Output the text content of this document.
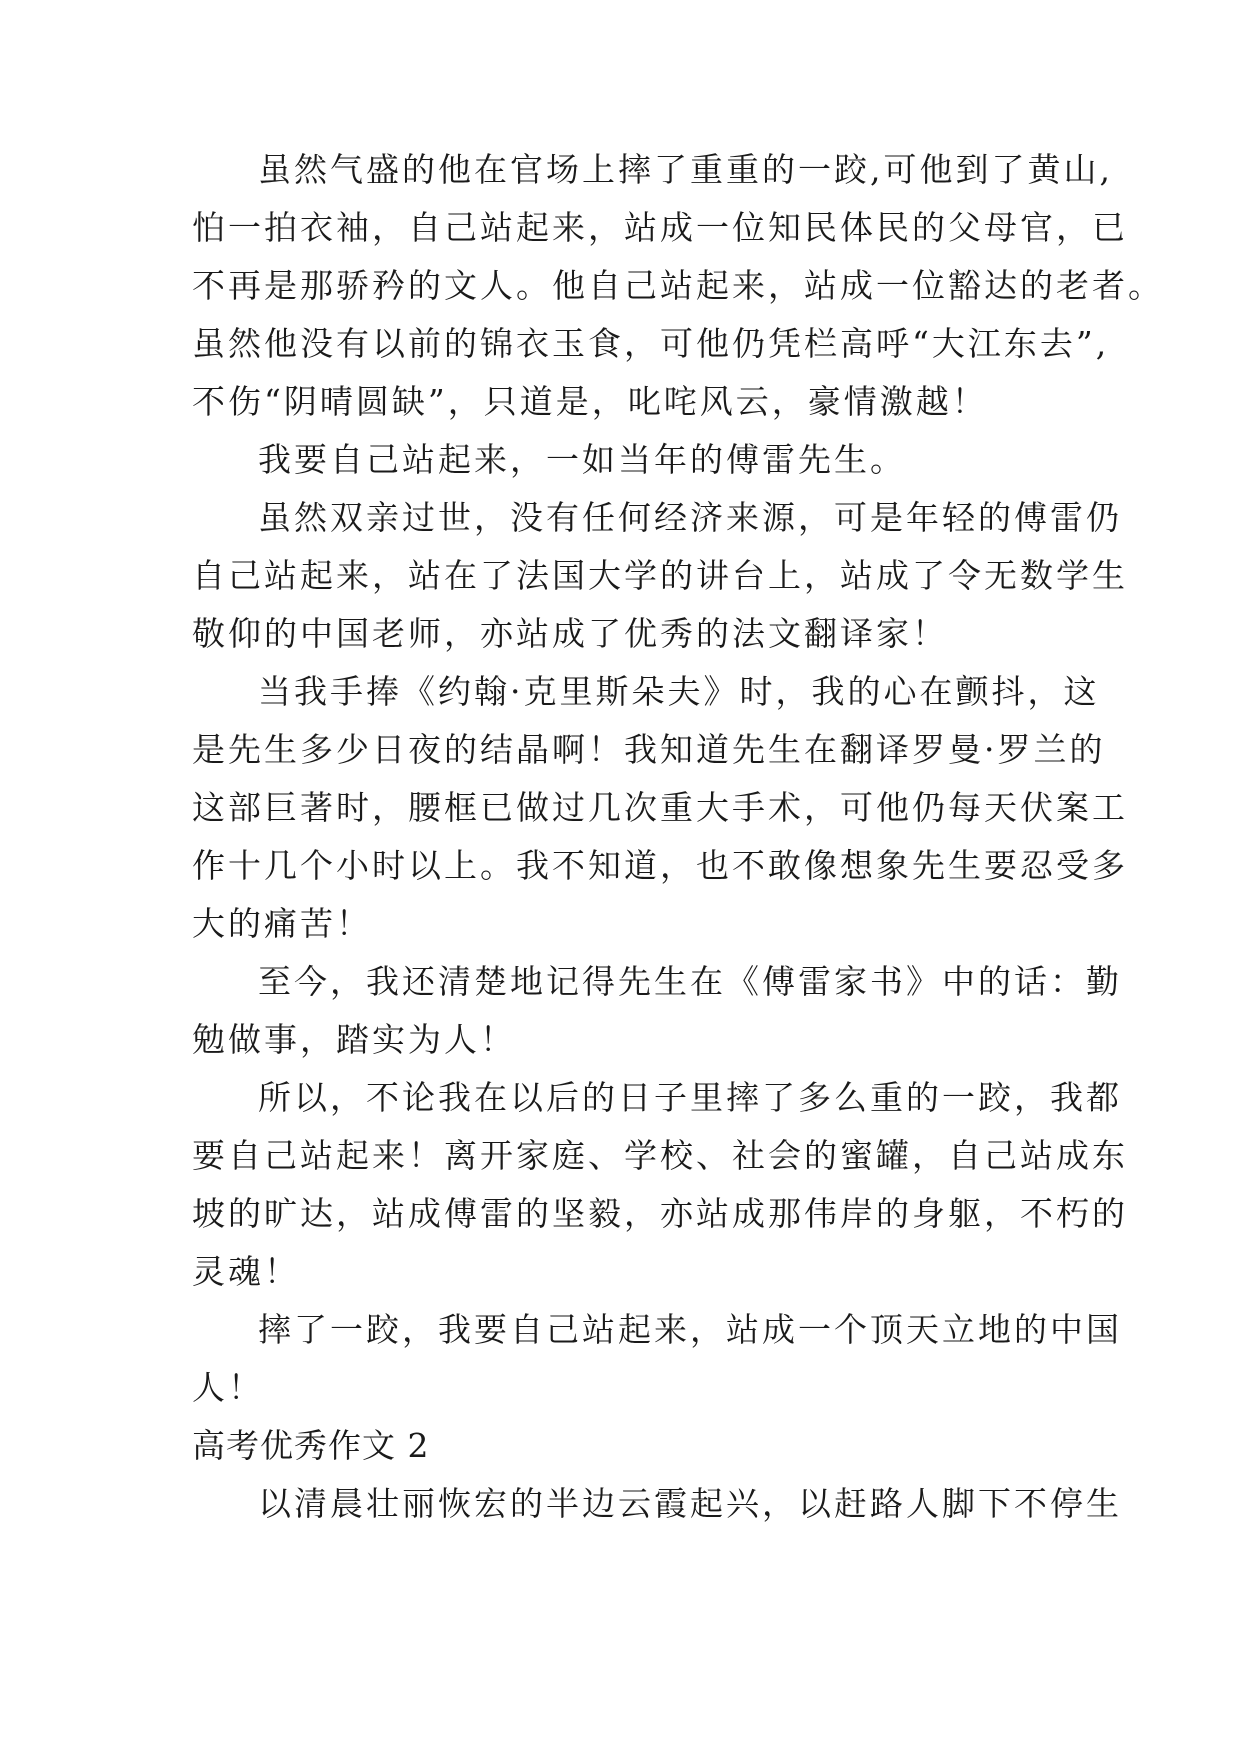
虽然气盛的他在官场上摔了重重的一跤,可他到了黄山,
怕一拍衣袖，自己站起来，站成一位知民体民的父母官，已
不再是那骄矜的文人。他自己站起来，站成一位豁达的老者。
虽然他没有以前的锦衣玉食，可他仍凭栏高呼“大江东去”,
不伤“阴晴圆缺”，只道是，叱咤风云，豪情激越！
我要自己站起来，一如当年的傅雷先生。
虽然双亲过世，没有任何经济来源，可是年轻的傅雷仍
自己站起来，站在了法国大学的讲台上，站成了令无数学生
敬仰的中国老师，亦站成了优秀的法文翻译家！
当我手捧《约翰·克里斯朵夫》时，我的心在颤抖，这
是先生多少日夜的结晶啊！我知道先生在翻译罗曼·罗兰的
这部巨著时，腰框已做过几次重大手术，可他仍每天伏案工
作十几个小时以上。我不知道，也不敢像想象先生要忍受多
大的痛苦！
至今，我还清楚地记得先生在《傅雷家书》中的话：勤
勉做事，踏实为人！
所以，不论我在以后的日子里摔了多么重的一跤，我都
要自己站起来！离开家庭、学校、社会的蜜罐，自己站成东
坡的旷达，站成傅雷的坚毅，亦站成那伟岸的身躯，不朽的
灵魂！
摔了一跤，我要自己站起来，站成一个顶天立地的中国
人！
高考优秀作文 2
以清晨壮丽恢宏的半边云霞起兴，以赶路人脚下不停生
